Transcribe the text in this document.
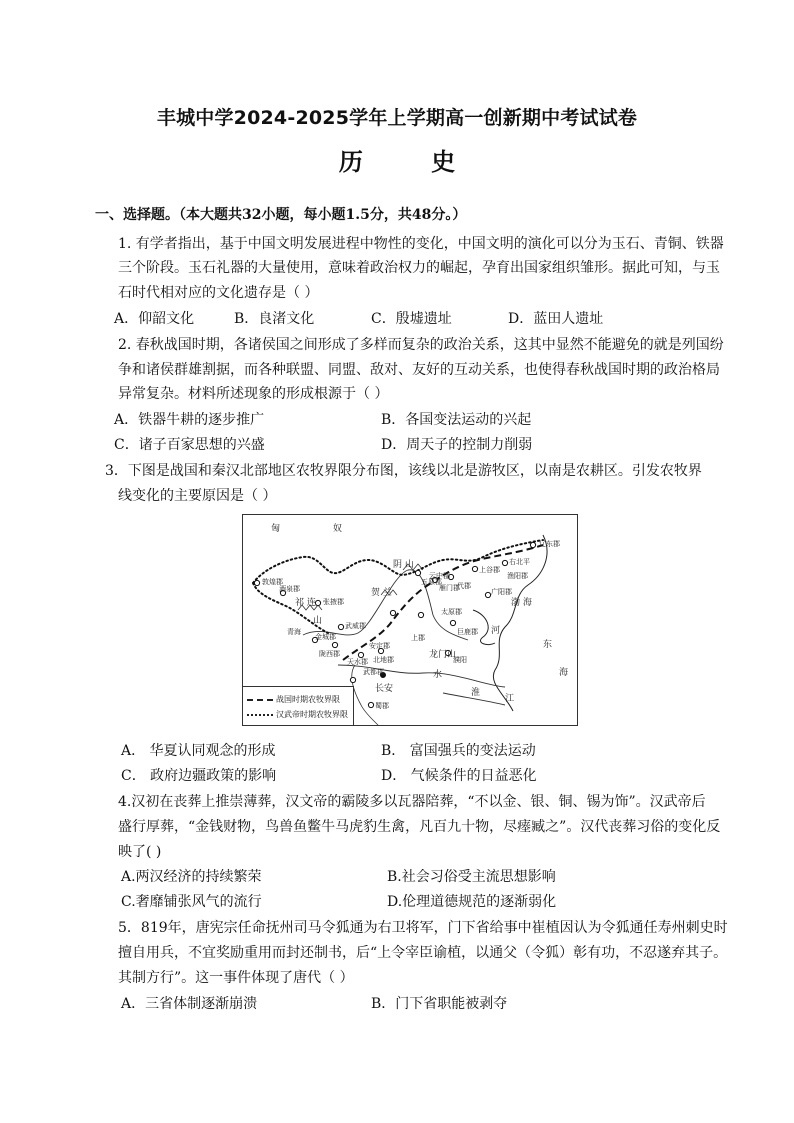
丰城中学2024-2025学年上学期高一创新期中考试试卷
历 史
一、选择题。（本大题共32小题，每小题1.5分，共48分。）
1. 有学者指出，基于中国文明发展进程中物性的变化，中国文明的演化可以分为玉石、青铜、铁器
三个阶段。玉石礼器的大量使用，意味着政治权力的崛起，孕育出国家组织雏形。据此可知，与玉
石时代相对应的文化遗存是（ ）
A．仰韶文化	B．良渚文化	C．殷墟遗址	D．蓝田人遗址
2. 春秋战国时期，各诸侯国之间形成了多样而复杂的政治关系，这其中显然不能避免的就是列国纷
争和诸侯群雄割据，而各种联盟、同盟、敌对、友好的互动关系，也使得春秋战国时期的政治格局
异常复杂。材料所述现象的形成根源于（ ）
A．铁器牛耕的逐步推广	B．各国变法运动的兴起
C．诸子百家思想的兴盛	D．周天子的控制力削弱
3．下图是战国和秦汉北部地区农牧界限分布图，该线以北是游牧区，以南是农耕区。引发农牧界
线变化的主要原因是（ ）
匈	奴
阴 山
贺 兰
祁 连
山
龙门山
长安	淮
江
渤 海
东
海
河
水
青海
敦煌郡
酒泉郡
张掖郡
武威郡
金城郡
陇西郡
天水郡 北地郡
安定郡
上郡
五原郡
云中郡
雁门郡
代郡
上谷郡
右北平
渔阳郡
辽东郡
太原郡
巨鹿郡
濮阳
武都郡
蜀郡
广阳郡
战国时期农牧界限
汉武帝时期农牧界限
A． 华夏认同观念的形成	B． 富国强兵的变法运动
C． 政府边疆政策的影响	D． 气候条件的日益恶化
4.汉初在丧葬上推崇薄葬，汉文帝的霸陵多以瓦器陪葬，“不以金、银、铜、锡为饰”。汉武帝后
盛行厚葬，“金钱财物，鸟兽鱼鳖牛马虎豹生禽，凡百九十物，尽瘗臧之”。汉代丧葬习俗的变化反
映了( )
A.两汉经济的持续繁荣	B.社会习俗受主流思想影响
C.奢靡铺张风气的流行	D.伦理道德规范的逐渐弱化
5．819年，唐宪宗任命抚州司马令狐通为右卫将军，门下省给事中崔植因认为令狐通任寿州刺史时
擅自用兵，不宜奖励重用而封还制书，后“上令宰臣谕植，以通父（令狐）彰有功，不忍遂弃其子。
其制方行”。这一事件体现了唐代（ ）
A．三省体制逐渐崩溃	B．门下省职能被剥夺
